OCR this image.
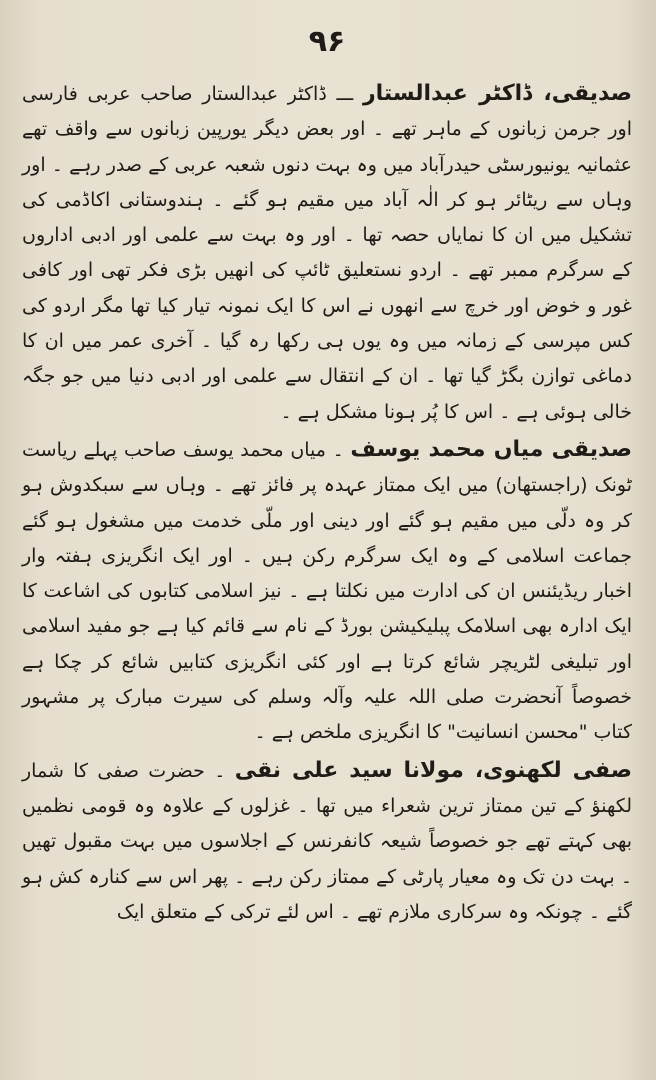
۹۶

صدیقی، ڈاکٹر عبدالستار ـــ ڈاکٹر عبدالستار صاحب عربی فارسی اور جرمن زبانوں کے ماہر تھے ۔ اور بعض دیگر یورپین زبانوں سے واقف تھے عثمانیہ یونیورسٹی حیدرآباد میں وہ بہت دنوں شعبہ عربی کے صدر رہے ۔ اور وہاں سے ریٹائر ہو کر الٰہ آباد میں مقیم ہو گئے ۔ ہندوستانی اکاڈمی کی تشکیل میں ان کا نمایاں حصہ تھا ۔ اور وہ بہت سے علمی اور ادبی اداروں کے سرگرم ممبر تھے ۔ اردو نستعلیق ٹائپ کی انھیں بڑی فکر تھی اور کافی غور و خوض اور خرچ سے انھوں نے اس کا ایک نمونہ تیار کیا تھا مگر اردو کی کس مپرسی کے زمانہ میں وہ یوں ہی رکھا رہ گیا ۔ آخری عمر میں ان کا دماغی توازن بگڑ گیا تھا ۔ ان کے انتقال سے علمی اور ادبی دنیا میں جو جگہ خالی ہوئی ہے ۔ اس کا پُر ہونا مشکل ہے ۔

صدیقی میاں محمد یوسف ۔ میاں محمد یوسف صاحب پہلے ریاست ٹونک (راجستھان) میں ایک ممتاز عہدہ پر فائز تھے ۔ وہاں سے سبکدوش ہو کر وہ دلّی میں مقیم ہو گئے اور دینی اور ملّی خدمت میں مشغول ہو گئے جماعت اسلامی کے وہ ایک سرگرم رکن ہیں ۔ اور ایک انگریزی ہفتہ وار اخبار ریڈیئنس ان کی ادارت میں نکلتا ہے ۔ نیز اسلامی کتابوں کی اشاعت کا ایک ادارہ بھی اسلامک پبلیکیشن بورڈ کے نام سے قائم کیا ہے جو مفید اسلامی اور تبلیغی لٹریچر شائع کرتا ہے اور کئی انگریزی کتابیں شائع کر چکا ہے خصوصاً آنحضرت صلی اللہ علیہ وآلہ وسلم کی سیرت مبارک پر مشہور کتاب "محسن انسانیت" کا انگریزی ملخص ہے ۔

صفی لکھنوی، مولانا سید علی نقی ۔ حضرت صفی کا شمار لکھنؤ کے تین ممتاز ترین شعراء میں تھا ۔ غزلوں کے علاوہ وہ قومی نظمیں بھی کہتے تھے جو خصوصاً شیعہ کانفرنس کے اجلاسوں میں بہت مقبول تھیں ۔ بہت دن تک وہ معیار پارٹی کے ممتاز رکن رہے ۔ پھر اس سے کنارہ کش ہو گئے ۔ چونکہ وہ سرکاری ملازم تھے ۔ اس لئے ترکی کے متعلق ایک
